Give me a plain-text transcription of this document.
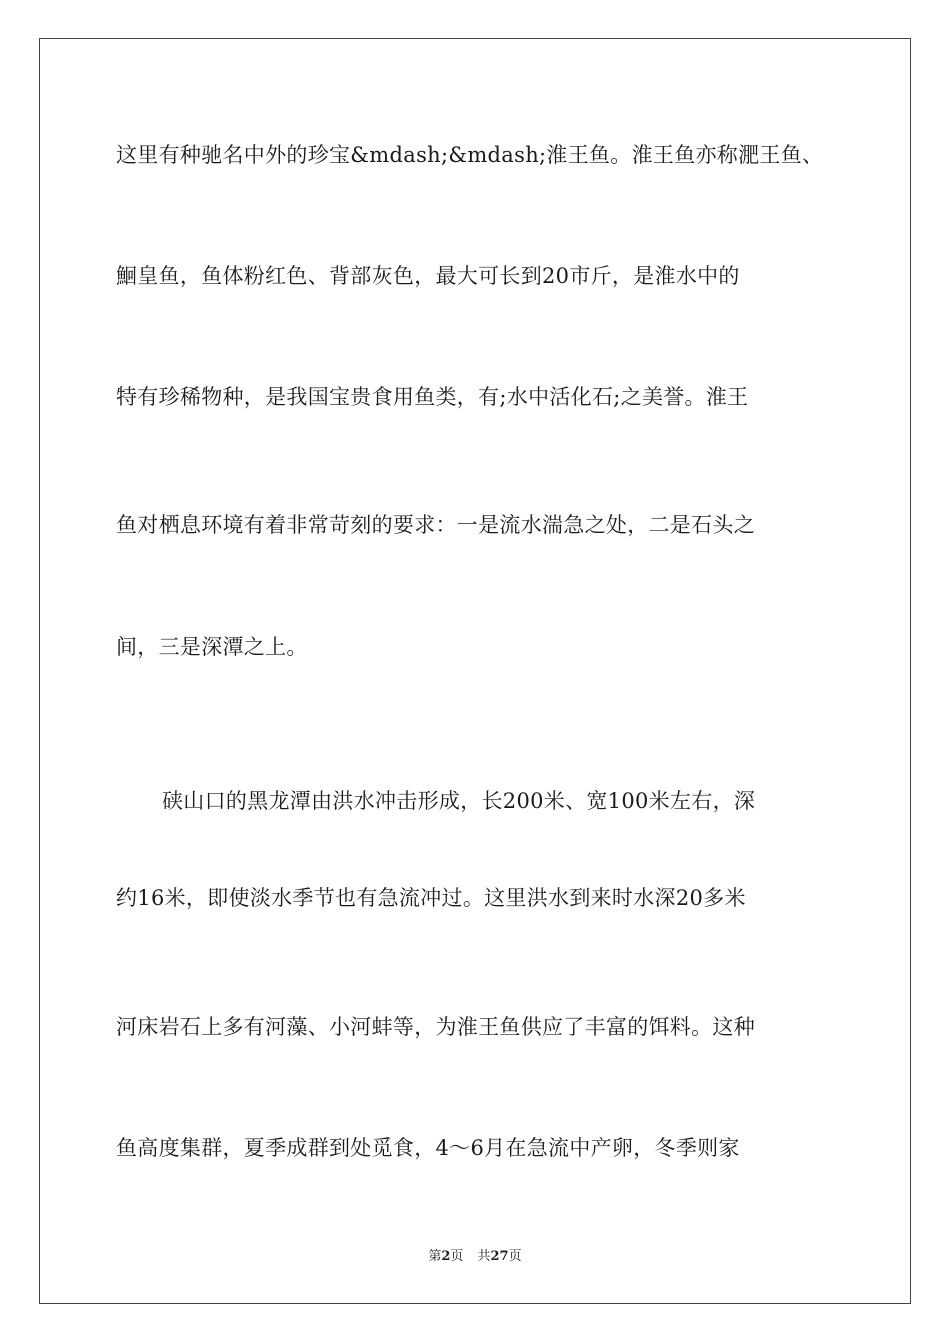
这里有种驰名中外的珍宝&mdash;&mdash;淮王鱼。淮王鱼亦称淝王鱼、
鮰皇鱼，鱼体粉红色、背部灰色，最大可长到20市斤，是淮水中的
特有珍稀物种，是我国宝贵食用鱼类，有;水中活化石;之美誉。淮王
鱼对栖息环境有着非常苛刻的要求：一是流水湍急之处，二是石头之
间，三是深潭之上。
硖山口的黑龙潭由洪水冲击形成，长200米、宽100米左右，深
约16米，即使淡水季节也有急流冲过。这里洪水到来时水深20多米
河床岩石上多有河藻、小河蚌等，为淮王鱼供应了丰富的饵料。这种
鱼高度集群，夏季成群到处觅食，4～6月在急流中产卵，冬季则家
第2页 共27页
